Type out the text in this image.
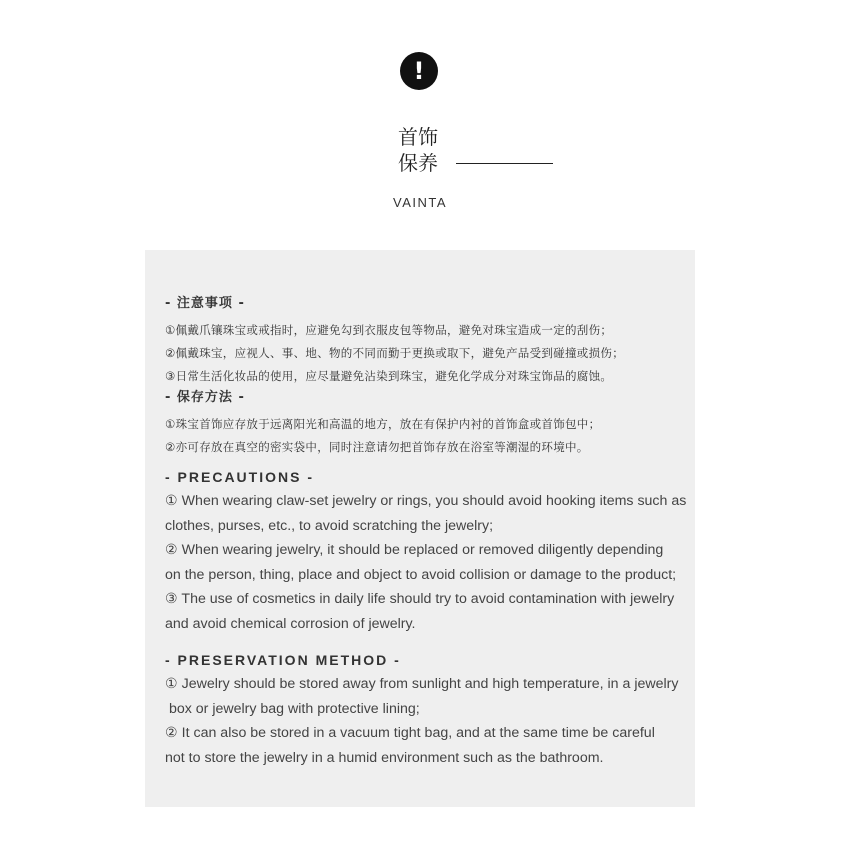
!
首饰
保养
VAINTA
- 注意事项 -
①佩戴爪镶珠宝或戒指时，应避免勾到衣服皮包等物品，避免对珠宝造成一定的刮伤；
②佩戴珠宝，应视人、事、地、物的不同而勤于更换或取下，避免产品受到碰撞或损伤；
③日常生活化妆品的使用，应尽量避免沾染到珠宝，避免化学成分对珠宝饰品的腐蚀。
- 保存方法 -
①珠宝首饰应存放于远离阳光和高温的地方，放在有保护内衬的首饰盒或首饰包中；
②亦可存放在真空的密实袋中，同时注意请勿把首饰存放在浴室等潮湿的环境中。
- PRECAUTIONS -
① When wearing claw-set jewelry or rings, you should avoid hooking items such as
clothes, purses, etc., to avoid scratching the jewelry;
② When wearing jewelry, it should be replaced or removed diligently depending
on the person, thing, place and object to avoid collision or damage to the product;
③ The use of cosmetics in daily life should try to avoid contamination with jewelry
and avoid chemical corrosion of jewelry.
- PRESERVATION METHOD -
① Jewelry should be stored away from sunlight and high temperature, in a jewelry
box or jewelry bag with protective lining;
② It can also be stored in a vacuum tight bag, and at the same time be careful
not to store the jewelry in a humid environment such as the bathroom.
